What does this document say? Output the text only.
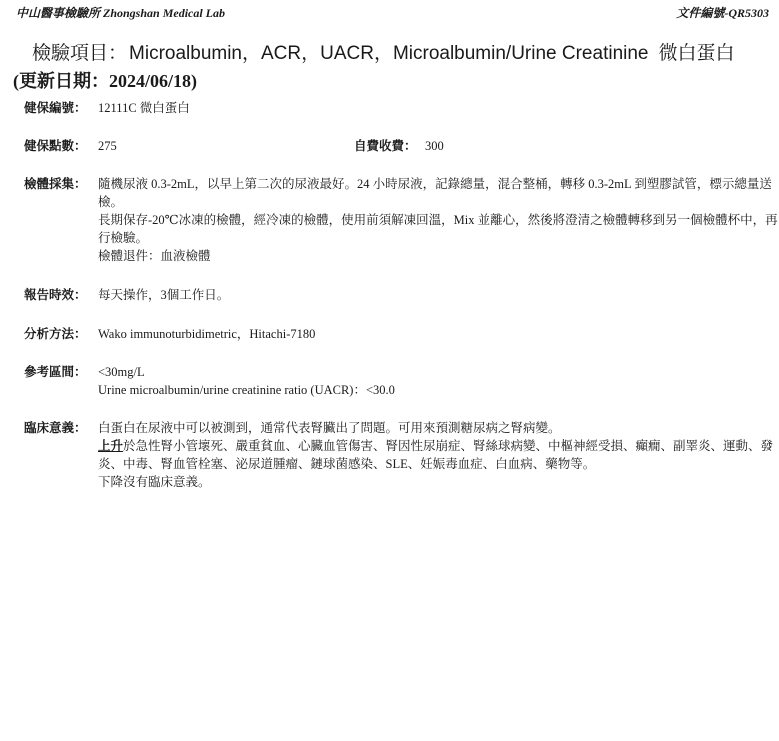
中山醫事檢驗所 Zhongshan Medical Lab	文件編號-QR5303
檢驗項目： Microalbumin，ACR，UACR，Microalbumin/Urine Creatinine 微白蛋白
(更新日期：2024/06/18)
健保編號： 12111C 微白蛋白
健保點數： 275	自費收費： 300
檢體採集： 隨機尿液 0.3-2mL，以早上第二次的尿液最好。24 小時尿液，記錄總量，混合整桶，轉移 0.3-2mL 到塑膠試管，標示總量送檢。
長期保存-20℃冰凍的檢體，經冷凍的檢體，使用前須解凍回溫，Mix 並離心，然後將澄清之檢體轉移到另一個檢體杯中，再行檢驗。
檢體退件：血液檢體
報告時效： 每天操作，3個工作日。
分析方法： Wako immunoturbidimetric，Hitachi-7180
參考區間： <30mg/L
Urine microalbumin/urine creatinine ratio (UACR)：<30.0
臨床意義： 白蛋白在尿液中可以被測到，通常代表腎臟出了問題。可用來預測糖尿病之腎病變。
上升於急性腎小管壞死、嚴重貧血、心臟血管傷害、腎因性尿崩症、腎絲球病變、中樞神經受損、癲癇、副睪炎、運動、發炎、中毒、腎血管栓塞、泌尿道腫瘤、鏈球菌感染、SLE、妊娠毒血症、白血病、藥物等。
下降沒有臨床意義。
